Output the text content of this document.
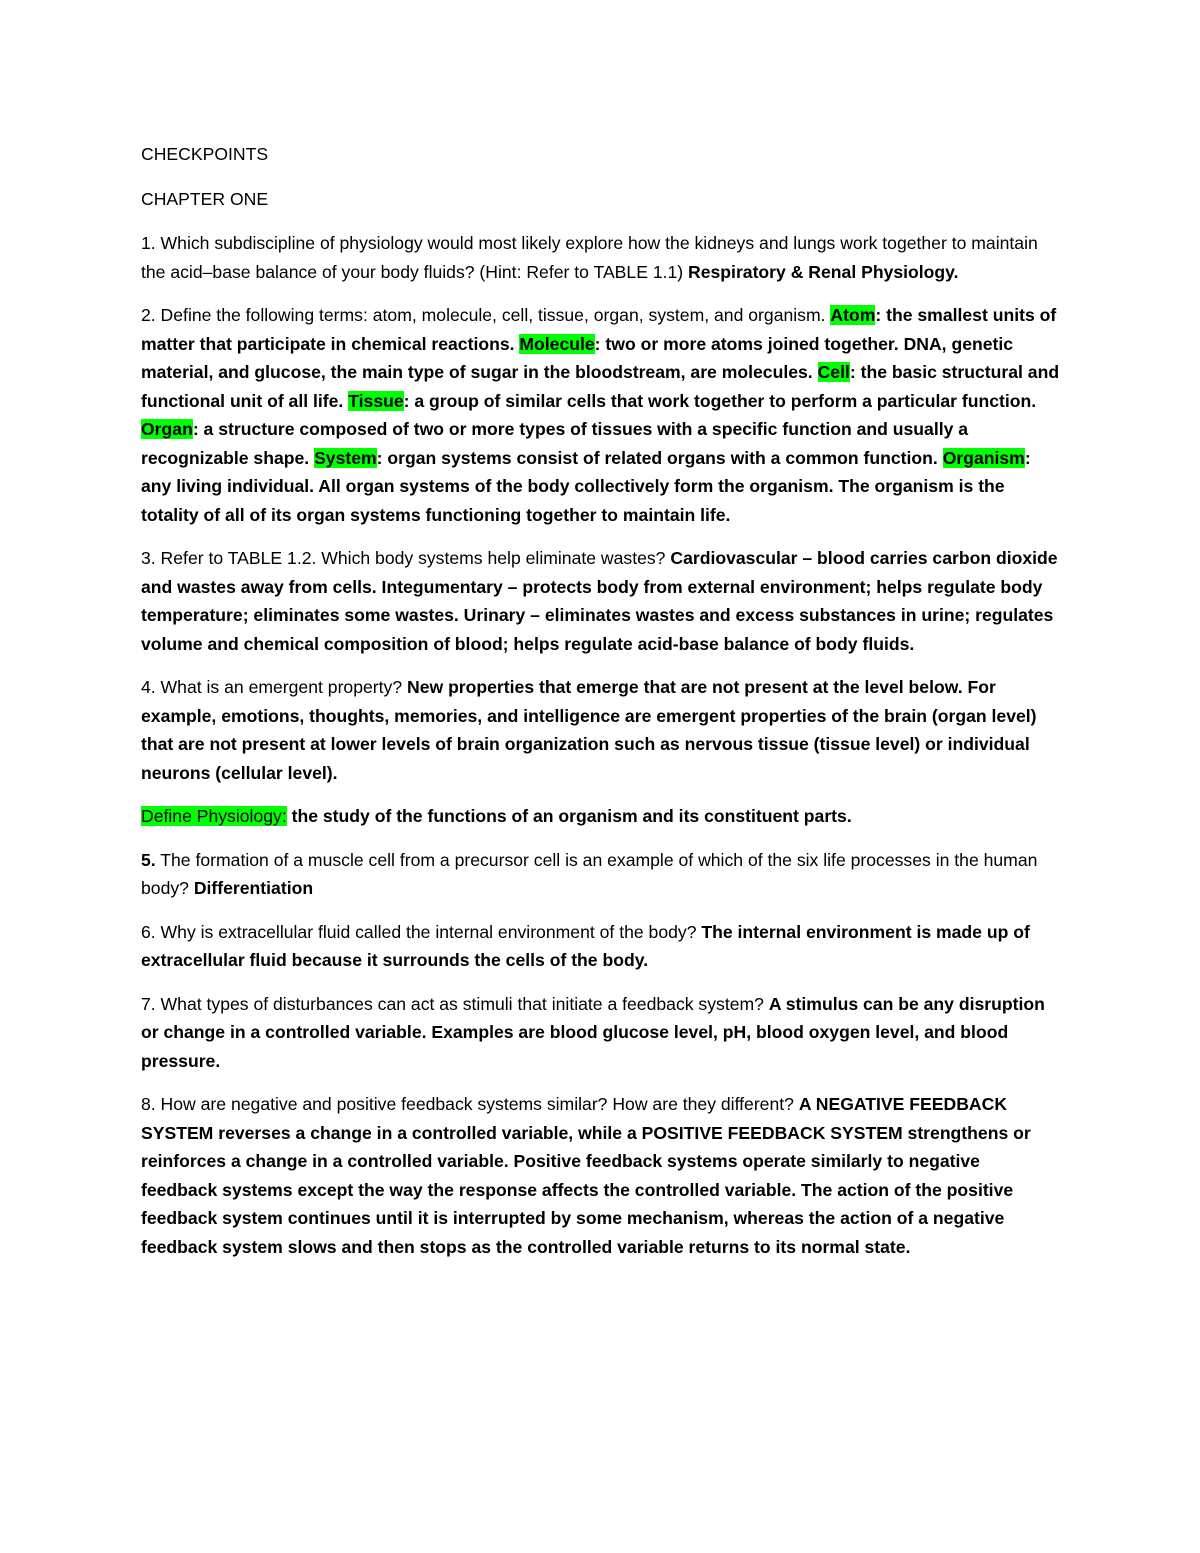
CHECKPOINTS

CHAPTER ONE

1. Which subdiscipline of physiology would most likely explore how the kidneys and lungs work together to maintain the acid–base balance of your body fluids? (Hint: Refer to TABLE 1.1) Respiratory & Renal Physiology.

2. Define the following terms: atom, molecule, cell, tissue, organ, system, and organism. Atom: the smallest units of matter that participate in chemical reactions. Molecule: two or more atoms joined together. DNA, genetic material, and glucose, the main type of sugar in the bloodstream, are molecules. Cell: the basic structural and functional unit of all life. Tissue: a group of similar cells that work together to perform a particular function. Organ: a structure composed of two or more types of tissues with a specific function and usually a recognizable shape. System: organ systems consist of related organs with a common function. Organism: any living individual. All organ systems of the body collectively form the organism. The organism is the totality of all of its organ systems functioning together to maintain life.

3. Refer to TABLE 1.2. Which body systems help eliminate wastes? Cardiovascular – blood carries carbon dioxide and wastes away from cells. Integumentary – protects body from external environment; helps regulate body temperature; eliminates some wastes. Urinary – eliminates wastes and excess substances in urine; regulates volume and chemical composition of blood; helps regulate acid-base balance of body fluids.

4. What is an emergent property? New properties that emerge that are not present at the level below. For example, emotions, thoughts, memories, and intelligence are emergent properties of the brain (organ level) that are not present at lower levels of brain organization such as nervous tissue (tissue level) or individual neurons (cellular level).

Define Physiology: the study of the functions of an organism and its constituent parts.

5. The formation of a muscle cell from a precursor cell is an example of which of the six life processes in the human body? Differentiation

6. Why is extracellular fluid called the internal environment of the body? The internal environment is made up of extracellular fluid because it surrounds the cells of the body.

7. What types of disturbances can act as stimuli that initiate a feedback system? A stimulus can be any disruption or change in a controlled variable. Examples are blood glucose level, pH, blood oxygen level, and blood pressure.

8. How are negative and positive feedback systems similar? How are they different? A NEGATIVE FEEDBACK SYSTEM reverses a change in a controlled variable, while a POSITIVE FEEDBACK SYSTEM strengthens or reinforces a change in a controlled variable. Positive feedback systems operate similarly to negative feedback systems except the way the response affects the controlled variable. The action of the positive feedback system continues until it is interrupted by some mechanism, whereas the action of a negative feedback system slows and then stops as the controlled variable returns to its normal state.
